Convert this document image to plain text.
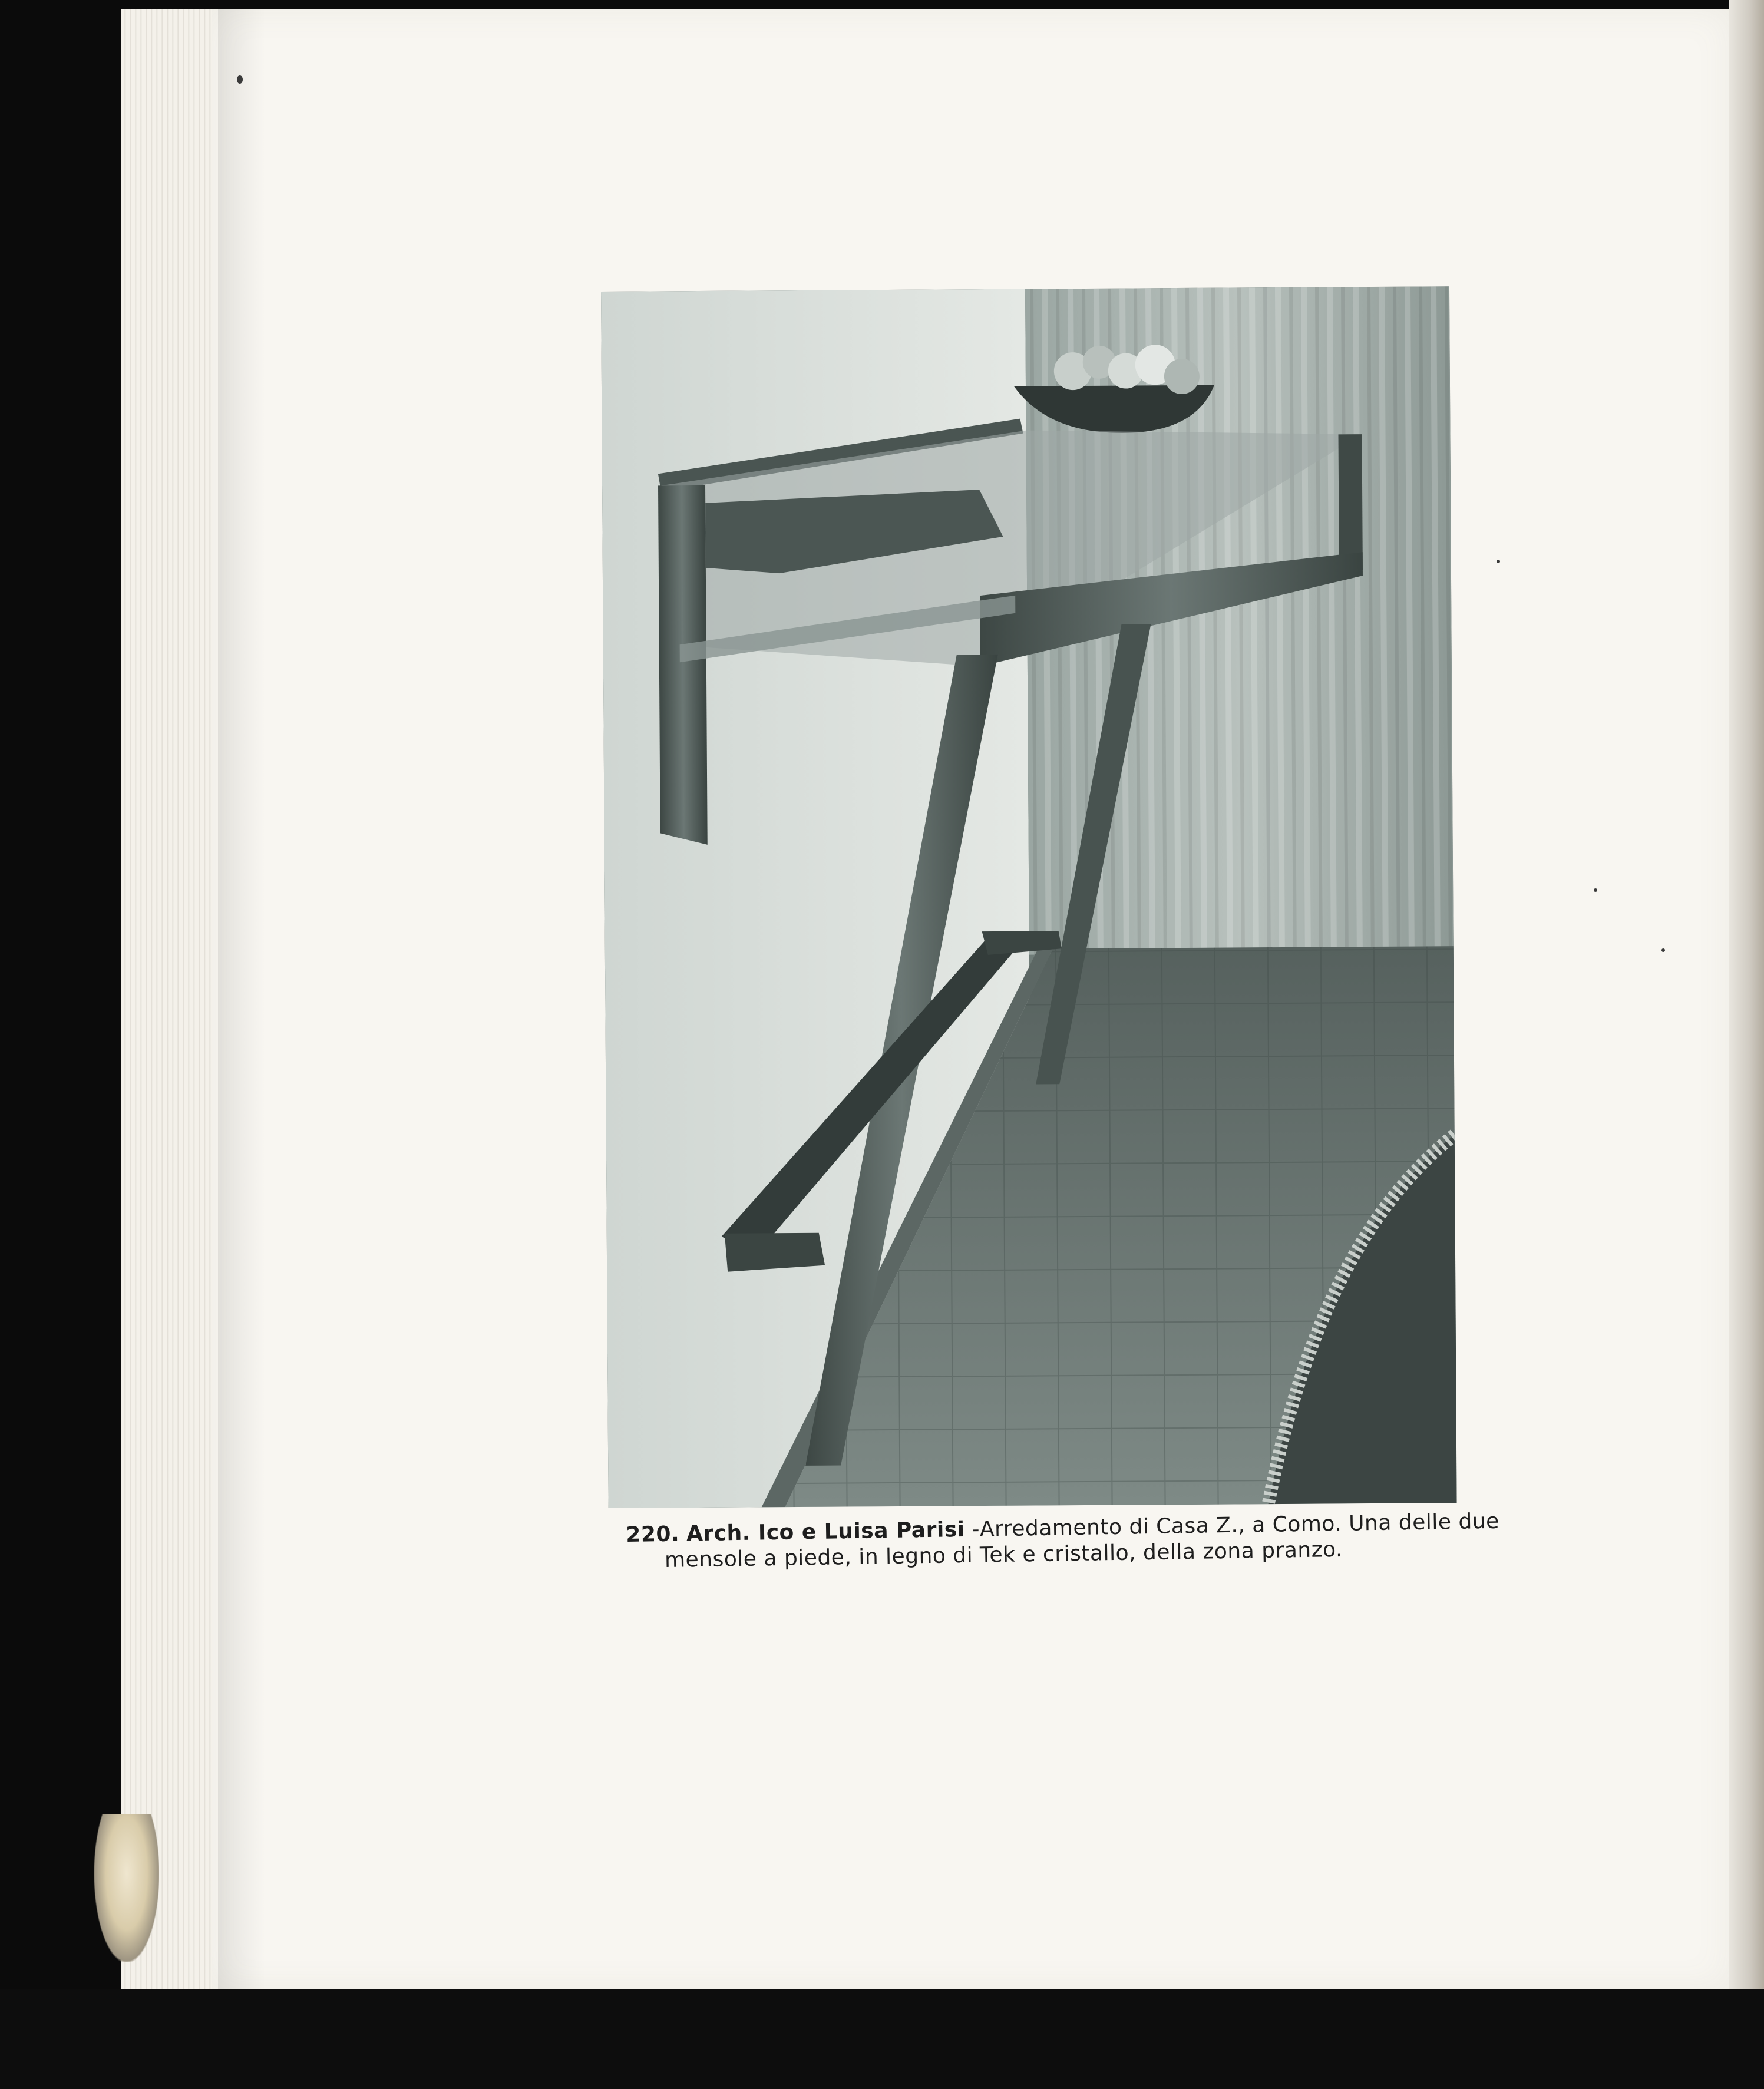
220. Arch. Ico e Luisa Parisi - Arredamento di Casa Z., a Como. Una delle due
mensole a piede, in legno di Tek e cristallo, della zona pranzo.
